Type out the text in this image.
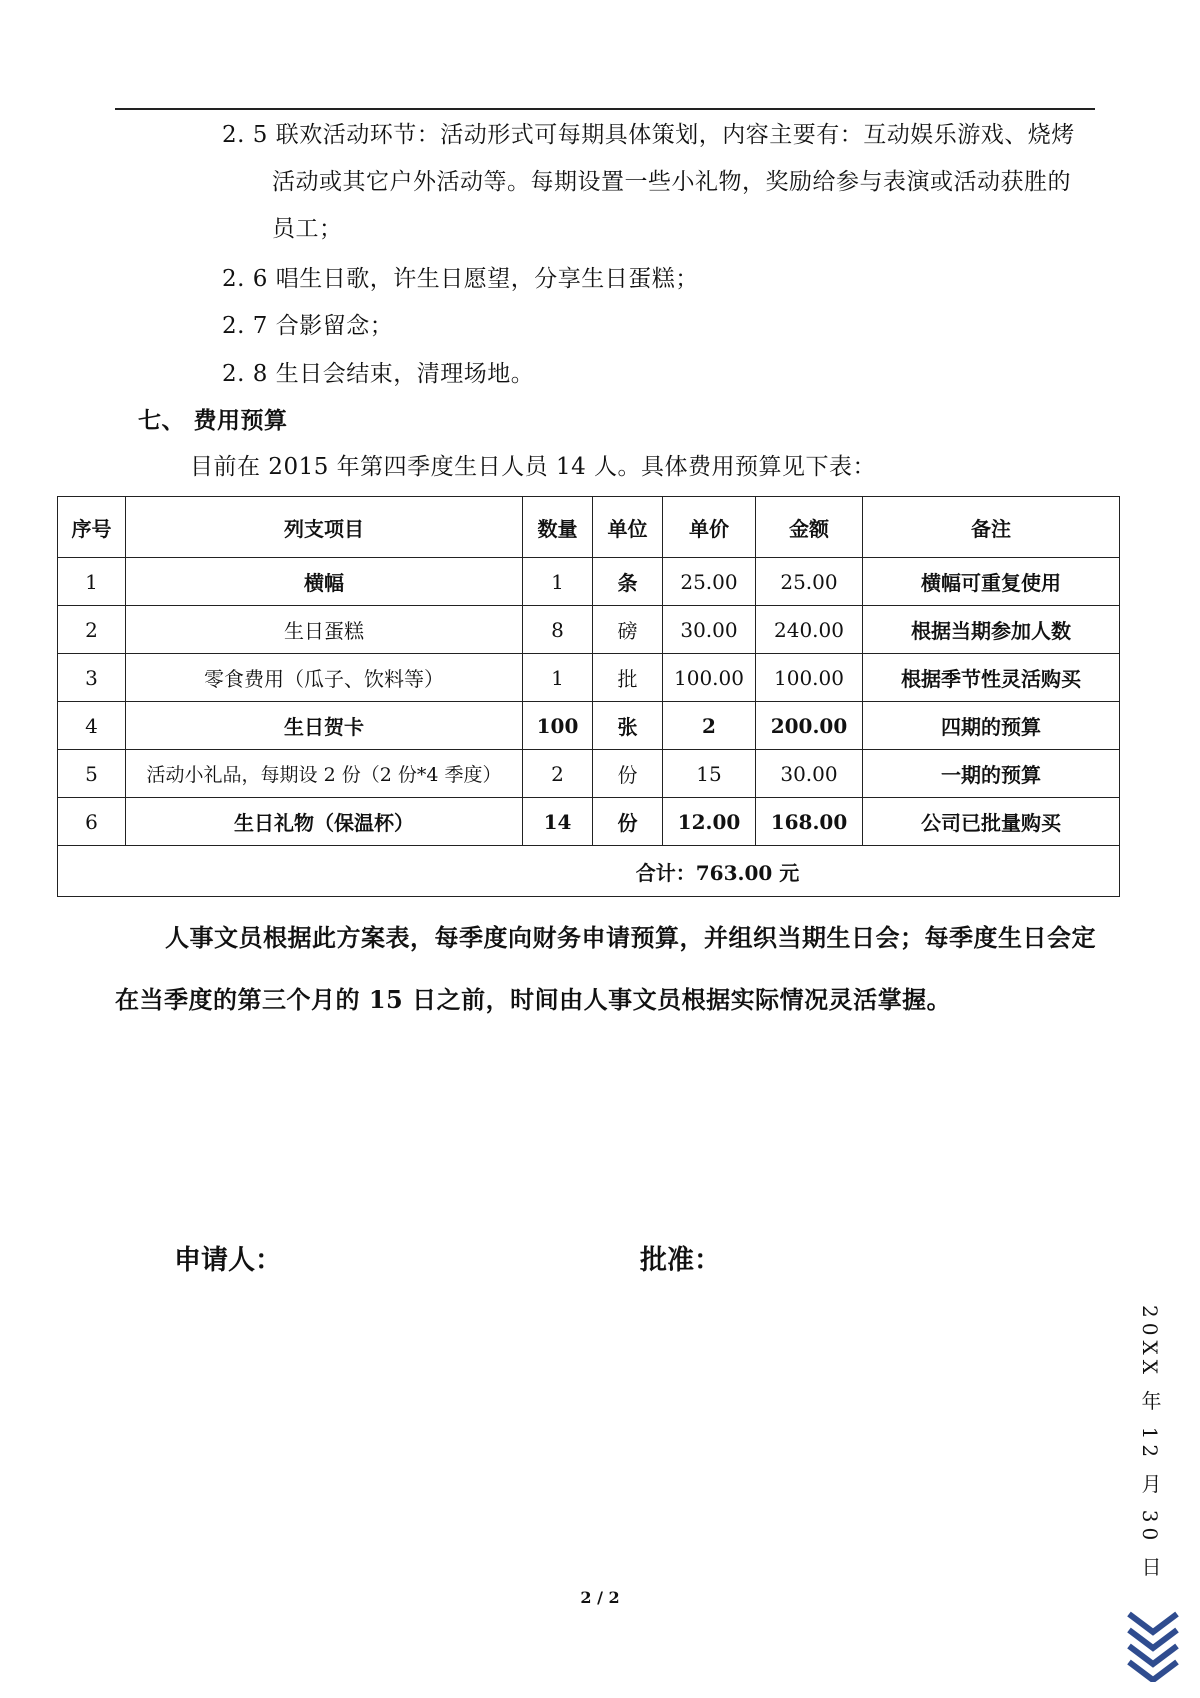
2. 5 联欢活动环节：活动形式可每期具体策划，内容主要有：互动娱乐游戏、烧烤
活动或其它户外活动等。每期设置一些小礼物，奖励给参与表演或活动获胜的
员工；
2. 6 唱生日歌，许生日愿望，分享生日蛋糕；
2. 7 合影留念；
2. 8 生日会结束，清理场地。
七、 费用预算
目前在 2015 年第四季度生日人员 14 人。具体费用预算见下表：
序号	列支项目	数量	单位	单价	金额	备注
1	横幅	1	条	25.00	25.00	横幅可重复使用
2	生日蛋糕	8	磅	30.00	240.00	根据当期参加人数
3	零食费用（瓜子、饮料等）	1	批	100.00	100.00	根据季节性灵活购买
4	生日贺卡	100	张	2	200.00	四期的预算
5	活动小礼品，每期设 2 份（2 份*4 季度）	2	份	15	30.00	一期的预算
6	生日礼物（保温杯）	14	份	12.00	168.00	公司已批量购买
合计：763.00 元						
人事文员根据此方案表，每季度向财务申请预算，并组织当期生日会；每季度生日会定
在当季度的第三个月的 15 日之前，时间由人事文员根据实际情况灵活掌握。
申请人：	批准：
20XX 年 12 月 30 日
2 / 2
